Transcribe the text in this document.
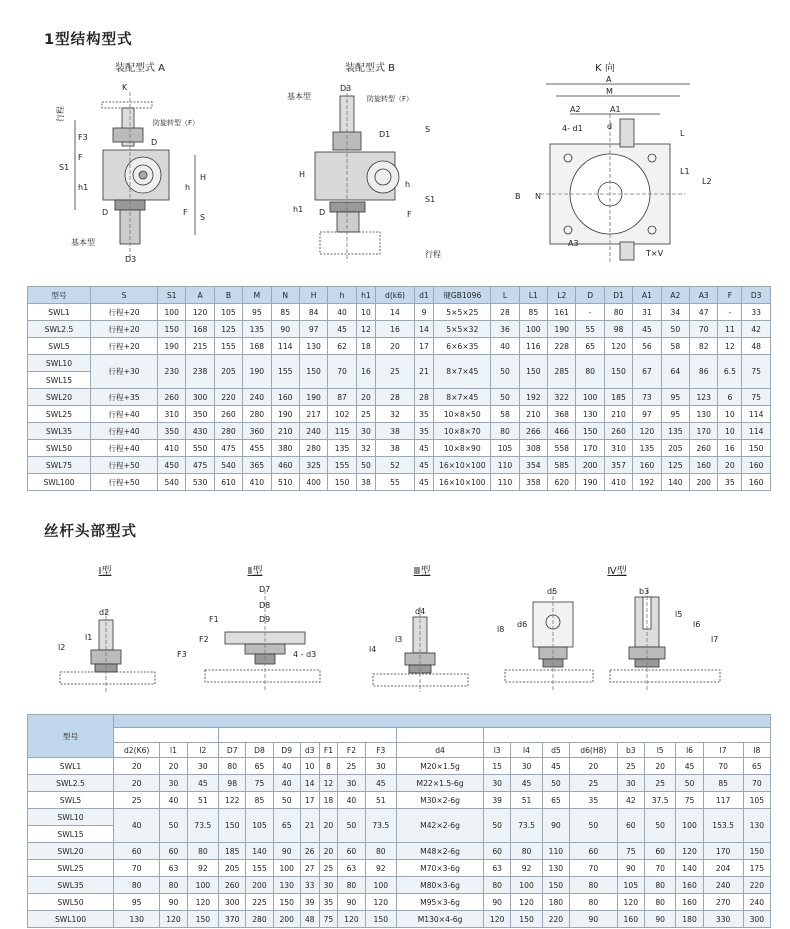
1型结构型式
装配型式 A	装配型式 B	K 向
K
行程
F3
防旋转型（F）
D
S1
F
h1	h
H
D	F
S
基本型
D3
D3
基本型	防旋转型（F）
D1
S
H
h
S1
h1 D	F
行程
A
M
A2	A1
4- d1	d
L
B N
L1
L2
A3
T×V
型号	S	S1	A	B	M	N	H	h	h1	d(k6)	d1	键GB1096	L	L1	L2	D	D1	A1	A2	A3	F	D3
SWL1	行程+20	100	120	105	95	85	84	40	10	14	9	5×5×25	28	85	161	-	80	31	34	47	-	33
SWL2.5	行程+20	150	168	125	135	90	97	45	12	16	14	5×5×32	36	100	190	55	98	45	50	70	11	42
SWL5	行程+20	190	215	155	168	114	130	62	18	20	17	6×6×35	40	116	228	65	120	56	58	82	12	48
SWL10	行程+30	230	238	205	190	155	150	70	16	25	21	8×7×45	50	150	285	80	150	67	64	86	6.5	75
SWL15																						
SWL20	行程+35	260	300	220	240	160	190	87	20	28	28	8×7×45	50	192	322	100	185	73	95	123	6	75
SWL25	行程+40	310	350	260	280	190	217	102	25	32	35	10×8×50	58	210	368	130	210	97	95	130	10	114
SWL35	行程+40	350	430	280	360	210	240	115	30	38	35	10×8×70	80	266	466	150	260	120	135	170	10	114
SWL50	行程+40	410	550	475	455	380	280	135	32	38	45	10×8×90	105	308	558	170	310	135	205	260	16	150
SWL75	行程+50	450	475	540	365	460	325	155	50	52	45	16×10×100	110	354	585	200	357	160	125	160	20	160
SWL100	行程+50	540	530	610	410	510	400	150	38	55	45	16×10×100	110	358	620	190	410	192	140	200	35	160
丝杆头部型式
Ⅰ型	Ⅱ型	Ⅲ型	Ⅳ型
d2
l1
l2
D7
D8
D9
F1
F2
F3	4 - d3
d4
l3
l4
d5
d6
l8
b3
l5
l6
l7
型号																				

	d2(K6)	l1	l2	D7	D8	D9	d3	F1	F2	F3	d4	l3	l4	d5	d6(H8)	b3	l5	l6	l7	l8
SWL1	20	20	30	80	65	40	10	8	25	30	M20×1.5g	15	30	45	20	25	20	45	70	65
SWL2.5	20	30	45	98	75	40	14	12	30	45	M22×1.5-6g	30	45	50	25	30	25	50	85	70
SWL5	25	40	51	122	85	50	17	18	40	51	M30×2-6g	39	51	65	35	42	37.5	75	117	105
SWL10	40	50	73.5	150	105	65	21	20	50	73.5	M42×2-6g	50	73.5	90	50	60	50	100	153.5	130
SWL15																				
SWL20	60	60	80	185	140	90	26	20	60	80	M48×2-6g	60	80	110	60	75	60	120	170	150
SWL25	70	63	92	205	155	100	27	25	63	92	M70×3-6g	63	92	130	70	90	70	140	204	175
SWL35	80	80	100	260	200	130	33	30	80	100	M80×3-6g	80	100	150	80	105	80	160	240	220
SWL50	95	90	120	300	225	150	39	35	90	120	M95×3-6g	90	120	180	80	120	80	160	270	240
SWL100	130	120	150	370	280	200	48	75	120	150	M130×4-6g	120	150	220	90	160	90	180	330	300
